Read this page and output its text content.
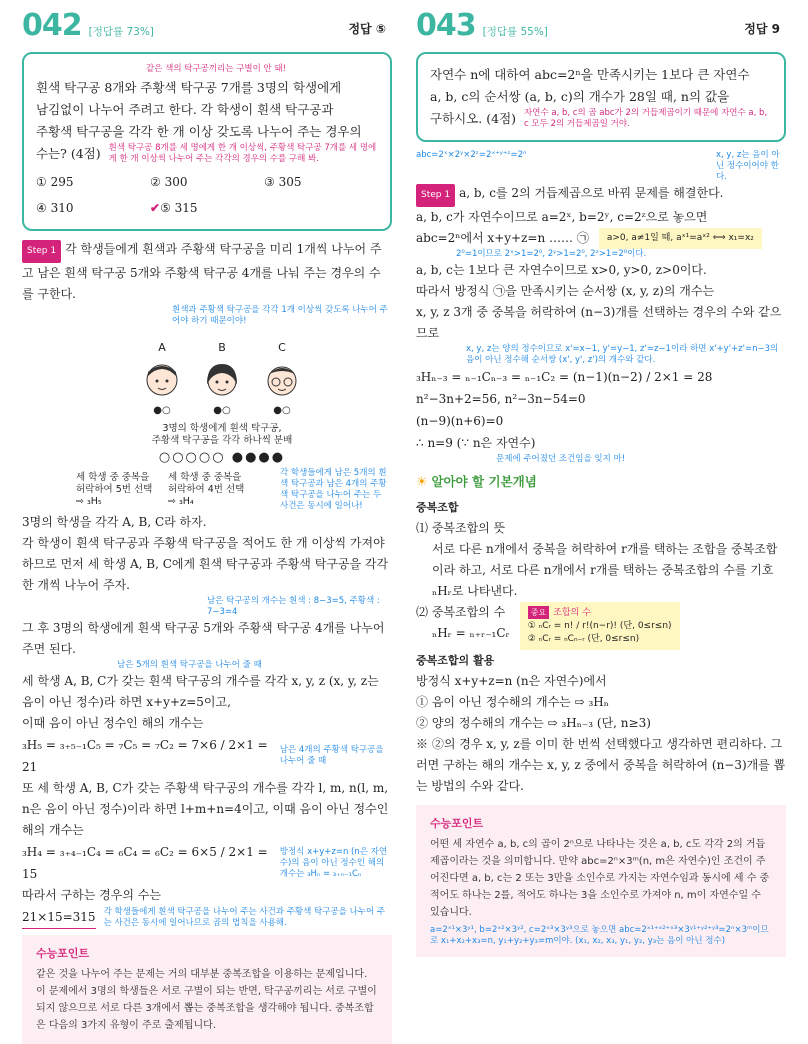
042 [정답률 73%]	정답 ⑤
같은 색의 탁구공끼리는 구별이 안 돼!
흰색 탁구공 8개와 주황색 탁구공 7개를 3명의 학생에게
남김없이 나누어 주려고 한다. 각 학생이 흰색 탁구공과
주황색 탁구공을 각각 한 개 이상 갖도록 나누어 주는 경우의
수는? (4점) 흰색 탁구공 8개를 세 명에게 한 개 이상씩, 주황색 탁구공 7개를 세 명에게 한 개 이상씩 나누어 주는 각각의 경우의 수를 구해 봐.
① 295	② 300	③ 305
④ 310	✔⑤ 315
Step 1 각 학생들에게 흰색과 주황색 탁구공을 미리 1개씩 나누어 주고 남은 흰색 탁구공 5개와 주황색 탁구공 4개를 나눠 주는 경우의 수를 구한다.
흰색과 주황색 탁구공을 각각 1개 이상씩 갖도록 나누어 주어야 하기 때문이야!
A
●○
B
●○
C
●○
3명의 학생에게 흰색 탁구공,
주황색 탁구공을 각각 하나씩 분배
○○○○○ ●●●●
세 학생 중 중복을 허락하여 5번 선택 ⇨ ₃H₅
세 학생 중 중복을 허락하여 4번 선택 ⇨ ₃H₄
각 학생들에게 남은 5개의 흰색 탁구공과 남은 4개의 주황색 탁구공을 나누어 주는 두 사건은 동시에 일어나!
3명의 학생을 각각 A, B, C라 하자.
각 학생이 흰색 탁구공과 주황색 탁구공을 적어도 한 개 이상씩 가져야 하므로 먼저 세 학생 A, B, C에게 흰색 탁구공과 주황색 탁구공을 각각 한 개씩 나누어 주자.
남은 탁구공의 개수는 흰색 : 8−3=5, 주황색 : 7−3=4
그 후 3명의 학생에게 흰색 탁구공 5개와 주황색 탁구공 4개를 나누어 주면 된다.
남은 5개의 흰색 탁구공을 나누어 줄 때
세 학생 A, B, C가 갖는 흰색 탁구공의 개수를 각각 x, y, z (x, y, z는 음이 아닌 정수)라 하면 x+y+z=5이고,
이때 음이 아닌 정수인 해의 개수는
₃H₅ = ₃₊₅₋₁C₅ = ₇C₅ = ₇C₂ = 7×6 / 2×1 = 21
남은 4개의 주황색 탁구공을 나누어 줄 때
또 세 학생 A, B, C가 갖는 주황색 탁구공의 개수를 각각 l, m, n(l, m, n은 음이 아닌 정수)이라 하면 l+m+n=4이고, 이때 음이 아닌 정수인 해의 개수는
₃H₄ = ₃₊₄₋₁C₄ = ₆C₄ = ₆C₂ = 6×5 / 2×1 = 15
방정식 x+y+z=n (n은 자연수)의 음이 아닌 정수인 해의 개수는 ₃Hₙ = ₃₊ₙ₋₁Cₙ
따라서 구하는 경우의 수는
21×15=315 각 학생들에게 흰색 탁구공을 나누어 주는 사건과 주황색 탁구공을 나누어 주는 사건은 동시에 일어나므로 곱의 법칙을 사용해.
수능포인트
같은 것을 나누어 주는 문제는 거의 대부분 중복조합을 이용하는 문제입니다. 이 문제에서 3명의 학생들은 서로 구별이 되는 반면, 탁구공끼리는 서로 구별이 되지 않으므로 서로 다른 3개에서 뽑는 중복조합을 생각해야 됩니다. 중복조합은 다음의 3가지 유형이 주로 출제됩니다.
043 [정답률 55%]	정답 9
자연수 n에 대하여 abc=2ⁿ을 만족시키는 1보다 큰 자연수
a, b, c의 순서쌍 (a, b, c)의 개수가 28일 때, n의 값을
구하시오. (4점) 자연수 a, b, c의 곱 abc가 2의 거듭제곱이기 때문에 자연수 a, b, c 모두 2의 거듭제곱일 거야.
abc=2ˣ×2ʸ×2ᶻ=2ˣ⁺ʸ⁺ᶻ=2ⁿ	x, y, z는 음이 아닌 정수이어야 한다.
Step 1 a, b, c를 2의 거듭제곱으로 바꿔 문제를 해결한다.
a, b, c가 자연수이므로 a=2ˣ, b=2ʸ, c=2ᶻ으로 놓으면
abc=2ⁿ에서 x+y+z=n …… ㉠	a>0, a≠1일 때, aˣ¹=aˣ² ⟺ x₁=x₂
2⁰=1이므로 2ˣ>1=2⁰, 2ʸ>1=2⁰, 2ᶻ>1=2⁰이다.
a, b, c는 1보다 큰 자연수이므로 x>0, y>0, z>0이다.
따라서 방정식 ㉠을 만족시키는 순서쌍 (x, y, z)의 개수는
x, y, z 3개 중 중복을 허락하여 (n−3)개를 선택하는 경우의 수와 같으므로
x, y, z는 양의 정수이므로 x'=x−1, y'=y−1, z'=z−1이라 하면 x'+y'+z'=n−3의 음이 아닌 정수해 순서쌍 (x', y', z')의 개수와 같다.
₃Hₙ₋₃ = ₙ₋₁Cₙ₋₃ = ₙ₋₁C₂ = (n−1)(n−2) / 2×1 = 28
n²−3n+2=56, n²−3n−54=0
(n−9)(n+6)=0
∴ n=9 (∵ n은 자연수)
문제에 주어졌던 조건임을 잊지 마!
☀ 알아야 할 기본개념
중복조합
⑴ 중복조합의 뜻
서로 다른 n개에서 중복을 허락하여 r개를 택하는 조합을 중복조합이라 하고, 서로 다른 n개에서 r개를 택하는 중복조합의 수를 기호 ₙHᵣ로 나타낸다.
⑵ 중복조합의 수
ₙHᵣ = ₙ₊ᵣ₋₁Cᵣ
중요 조합의 수
① ₙCᵣ = n! / r!(n−r)! (단, 0≤r≤n)
② ₙCᵣ = ₙCₙ₋ᵣ (단, 0≤r≤n)
중복조합의 활용
방정식 x+y+z=n (n은 자연수)에서
① 음이 아닌 정수해의 개수는 ⇨ ₃Hₙ
② 양의 정수해의 개수는 ⇨ ₃Hₙ₋₃ (단, n≥3)
※ ②의 경우 x, y, z를 이미 한 번씩 선택했다고 생각하면 편리하다. 그러면 구하는 해의 개수는 x, y, z 중에서 중복을 허락하여 (n−3)개를 뽑는 방법의 수와 같다.
수능포인트
어떤 세 자연수 a, b, c의 곱이 2ⁿ으로 나타나는 것은 a, b, c도 각각 2의 거듭제곱이라는 것을 의미합니다. 만약 abc=2ⁿ×3ᵐ(n, m은 자연수)인 조건이 주어진다면 a, b, c는 2 또는 3만을 소인수로 가지는 자연수임과 동시에 세 수 중 적어도 하나는 2를, 적어도 하나는 3을 소인수로 가져야 n, m이 자연수일 수 있습니다.
a=2ˣ¹×3ʸ¹, b=2ˣ²×3ʸ², c=2ˣ³×3ʸ³으로 놓으면 abc=2ˣ¹⁺ˣ²⁺ˣ³×3ʸ¹⁺ʸ²⁺ʸ³=2ⁿ×3ᵐ이므로 x₁+x₂+x₃=n, y₁+y₂+y₃=m이야. (x₁, x₂, x₃, y₁, y₂, y₃는 음이 아닌 정수)
